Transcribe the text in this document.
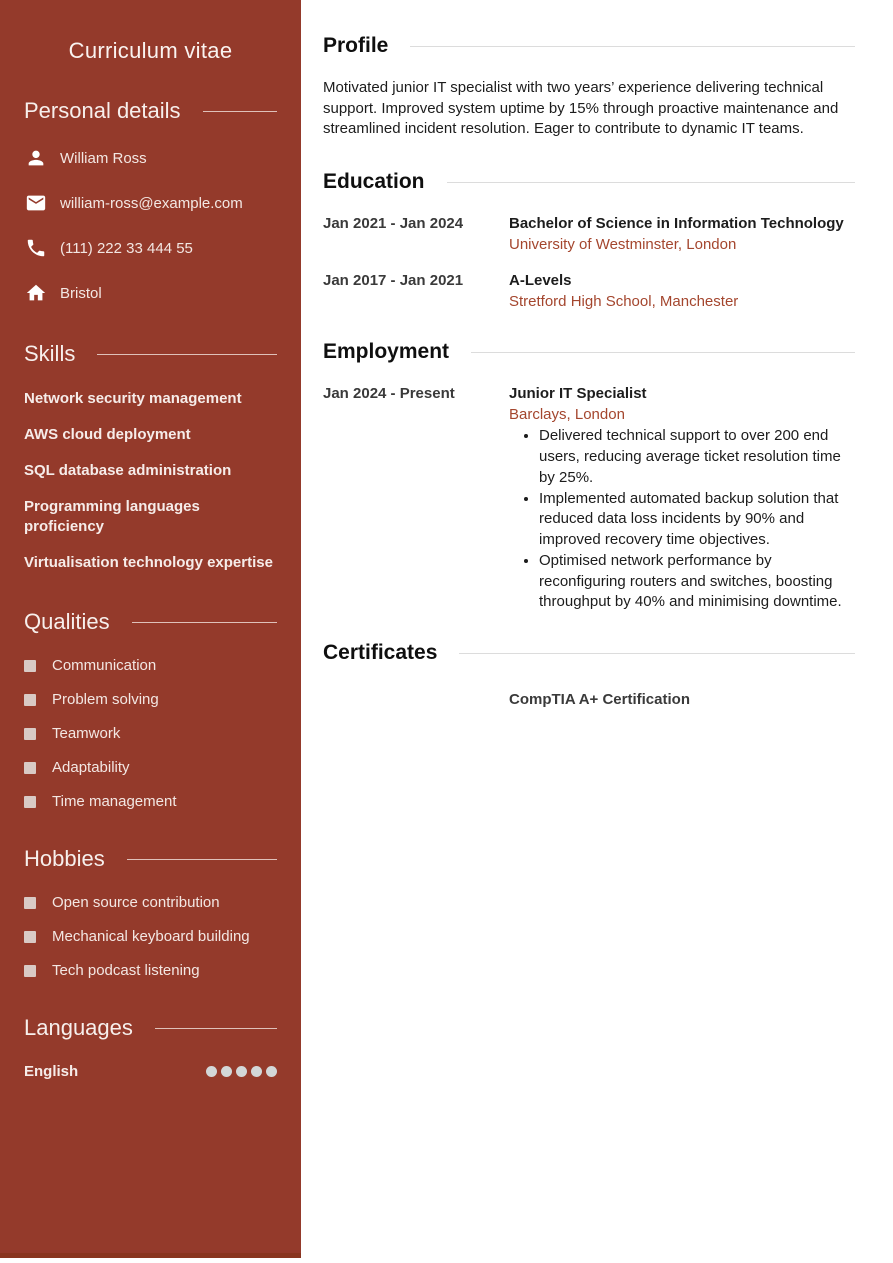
Curriculum vitae
Personal details
William Ross
william-ross@example.com
(111) 222 33 444 55
Bristol
Skills
Network security management
AWS cloud deployment
SQL database administration
Programming languages proficiency
Virtualisation technology expertise
Qualities
Communication
Problem solving
Teamwork
Adaptability
Time management
Hobbies
Open source contribution
Mechanical keyboard building
Tech podcast listening
Languages
English
Profile

Motivated junior IT specialist with two years’ experience delivering technical support. Improved system uptime by 15% through proactive maintenance and streamlined incident resolution. Eager to contribute to dynamic IT teams.

Education
Jan 2021 - Jan 2024	Bachelor of Science in Information Technology
University of Westminster, London
Jan 2017 - Jan 2021	A-Levels
Stretford High School, Manchester
Employment
Jan 2024 - Present	Junior IT Specialist
Barclays, London
• Delivered technical support to over 200 end users, reducing average ticket resolution time by 25%.
• Implemented automated backup solution that reduced data loss incidents by 90% and improved recovery time objectives.
• Optimised network performance by reconfiguring routers and switches, boosting throughput by 40% and minimising downtime.
Certificates
CompTIA A+ Certification
